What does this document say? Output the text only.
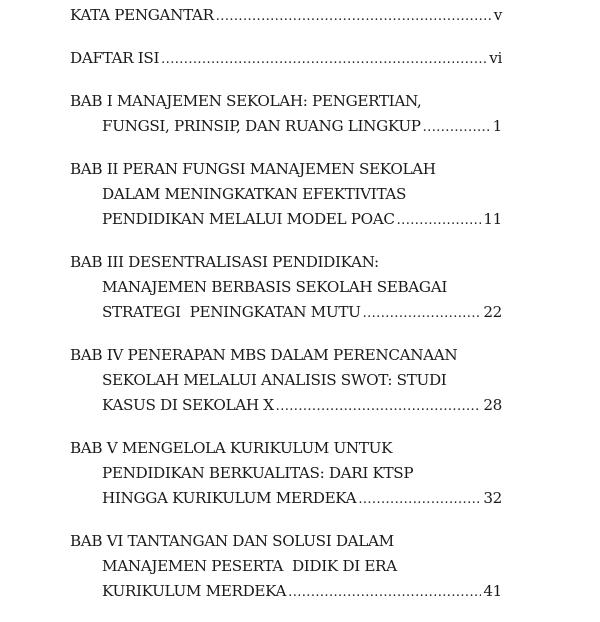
KATA PENGANTAR .....	v
DAFTAR ISI .....	vi
BAB I MANAJEMEN SEKOLAH: PENGERTIAN,
FUNGSI, PRINSIP, DAN RUANG LINGKUP .....	1
BAB II PERAN FUNGSI MANAJEMEN SEKOLAH
DALAM MENINGKATKAN EFEKTIVITAS
PENDIDIKAN MELALUI MODEL POAC .....	11
BAB III DESENTRALISASI PENDIDIKAN:
MANAJEMEN BERBASIS SEKOLAH SEBAGAI
STRATEGI  PENINGKATAN MUTU .....	22
BAB IV PENERAPAN MBS DALAM PERENCANAAN
SEKOLAH MELALUI ANALISIS SWOT: STUDI
KASUS DI SEKOLAH X .....	28
BAB V MENGELOLA KURIKULUM UNTUK
PENDIDIKAN BERKUALITAS: DARI KTSP
HINGGA KURIKULUM MERDEKA .....	32
BAB VI TANTANGAN DAN SOLUSI DALAM
MANAJEMEN PESERTA  DIDIK DI ERA
KURIKULUM MERDEKA .....	41
